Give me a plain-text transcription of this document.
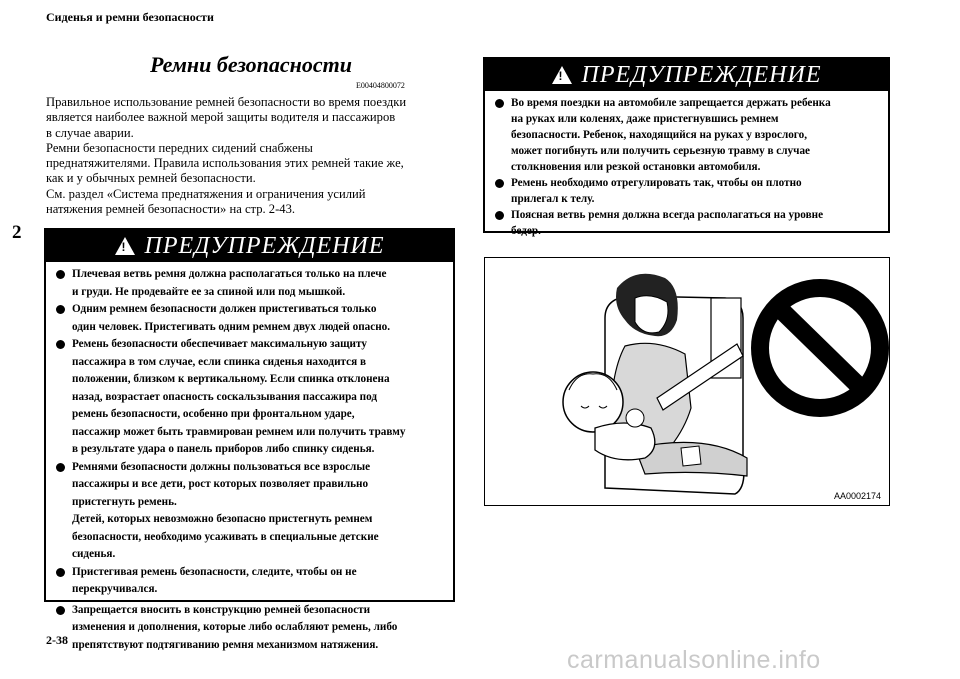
Сиденья и ремни безопасности
2
2-38
Ремни безопасности
E00404800072

Правильное использование ремней безопасности во время поездки

является наиболее важной мерой защиты водителя и пассажиров

в случае аварии.

Ремни безопасности передних сидений снабжены

преднатяжителями. Правила использования этих ремней такие же,

как и у обычных ремней безопасности.

См. раздел «Система преднатяжения и ограничения усилий

натяжения ремней безопасности» на стр. 2-43.

! ПРЕДУПРЕЖДЕНИЕ
Во время поездки на автомобиле запрещается держать ребенка
на руках или коленях, даже пристегнувшись ремнем
безопасности. Ребенок, находящийся на руках у взрослого,
может погибнуть или получить серьезную травму в случае
столкновения или резкой остановки автомобиля.
Ремень необходимо отрегулировать так, чтобы он плотно
прилегал к телу.
Поясная ветвь ремня должна всегда располагаться на уровне
бедер.
! ПРЕДУПРЕЖДЕНИЕ
Плечевая ветвь ремня должна располагаться только на плече
и груди. Не продевайте ее за спиной или под мышкой.
Одним ремнем безопасности должен пристегиваться только
один человек. Пристегивать одним ремнем двух людей опасно.
Ремень безопасности обеспечивает максимальную защиту
пассажира в том случае, если спинка сиденья находится в
положении, близком к вертикальному. Если спинка отклонена
назад, возрастает опасность соскальзывания пассажира под
ремень безопасности, особенно при фронтальном ударе,
пассажир может быть травмирован ремнем или получить травму
в результате удара о панель приборов либо спинку сиденья.
Ремнями безопасности должны пользоваться все взрослые
пассажиры и все дети, рост которых позволяет правильно
пристегнуть ремень.
Детей, которых невозможно безопасно пристегнуть ремнем
безопасности, необходимо усаживать в специальные детские
сиденья.
Пристегивая ремень безопасности, следите, чтобы он не
перекручивался.
Запрещается вносить в конструкцию ремней безопасности
изменения и дополнения, которые либо ослабляют ремень, либо
препятствуют подтягиванию ремня механизмом натяжения.
AA0002174
carmanualsonline.info
